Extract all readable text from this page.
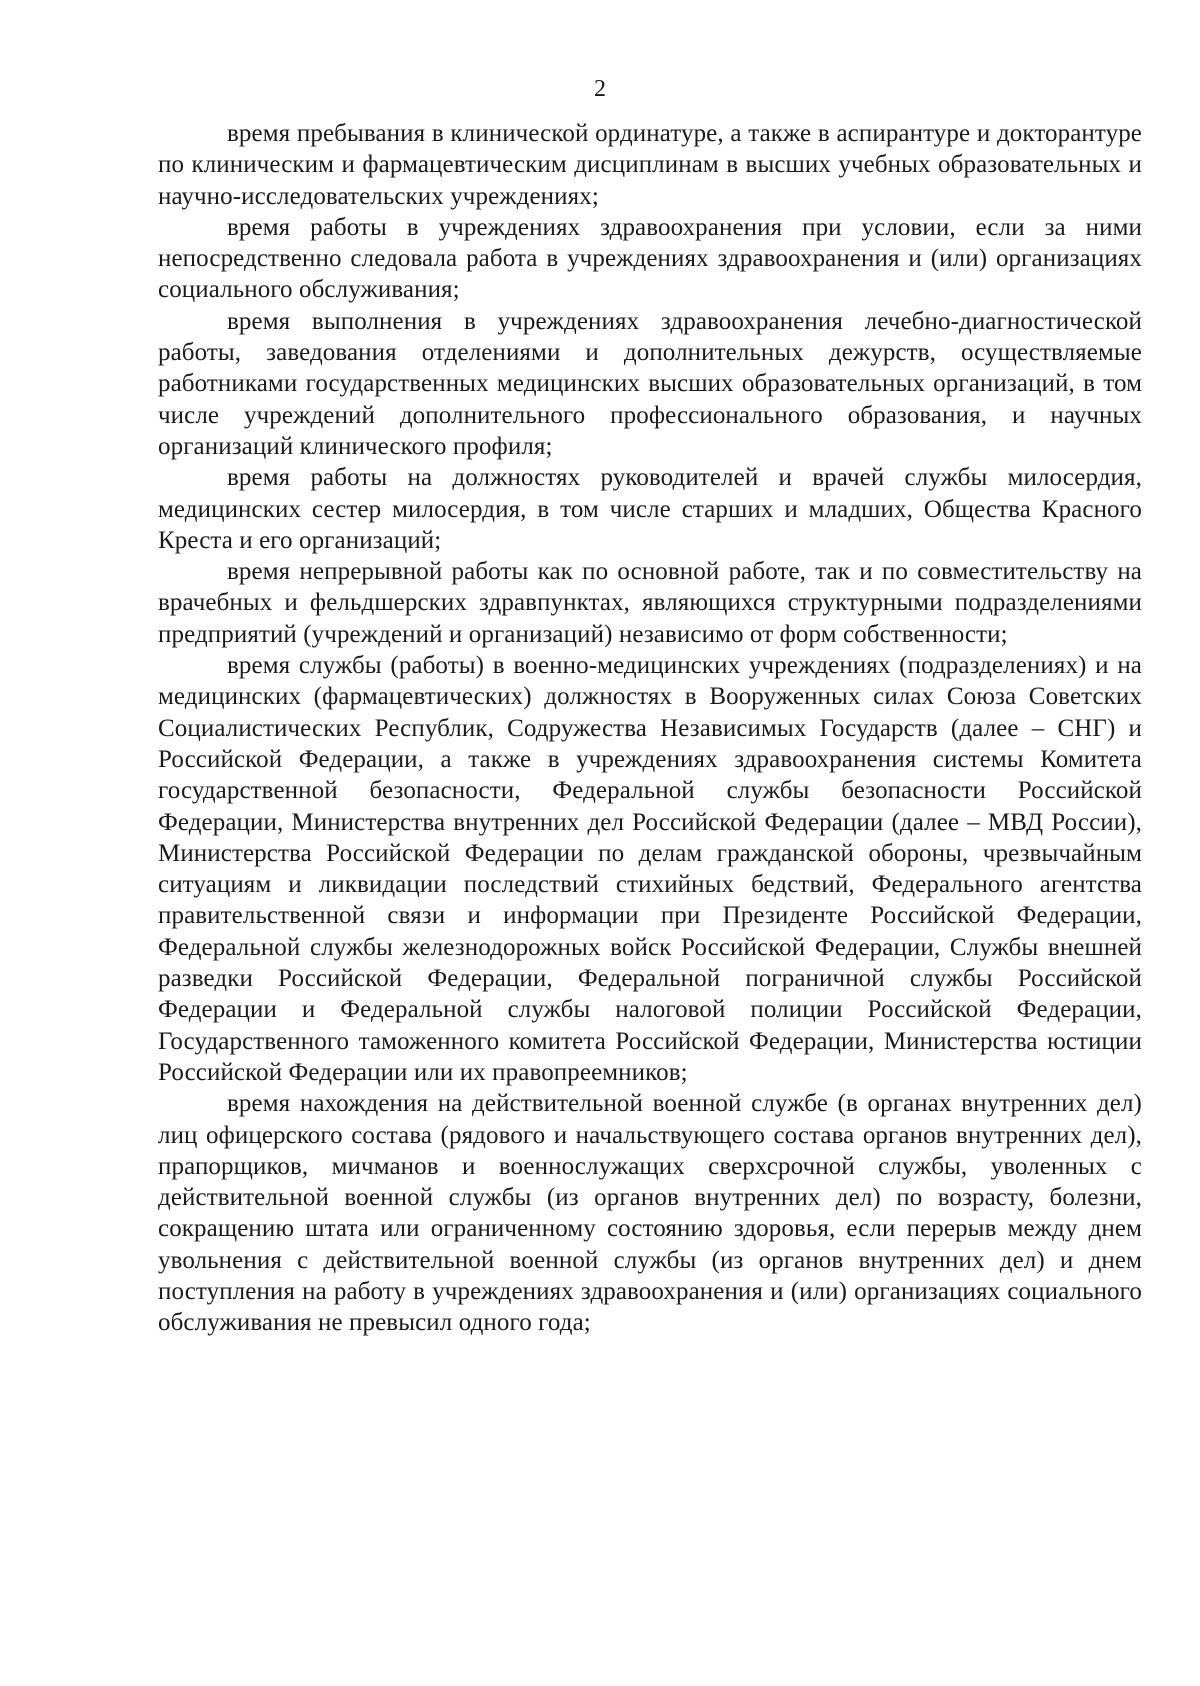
2

время пребывания в клинической ординатуре, а также в аспирантуре и докторантуре по клиническим и фармацевтическим дисциплинам в высших учебных образовательных и научно-исследовательских учреждениях;

время работы в учреждениях здравоохранения при условии, если за ними непосредственно следовала работа в учреждениях здравоохранения и (или) организациях социального обслуживания;

время выполнения в учреждениях здравоохранения лечебно-диагностической работы, заведования отделениями и дополнительных дежурств, осуществляемые работниками государственных медицинских высших образовательных организаций, в том числе учреждений дополнительного профессионального образования, и научных организаций клинического профиля;

время работы на должностях руководителей и врачей службы милосердия, медицинских сестер милосердия, в том числе старших и младших, Общества Красного Креста и его организаций;

время непрерывной работы как по основной работе, так и по совместительству на врачебных и фельдшерских здравпунктах, являющихся структурными подразделениями предприятий (учреждений и организаций) независимо от форм собственности;

время службы (работы) в военно-медицинских учреждениях (подразделениях) и на медицинских (фармацевтических) должностях в Вооруженных силах Союза Советских Социалистических Республик, Содружества Независимых Государств (далее – СНГ) и Российской Федерации, а также в учреждениях здравоохранения системы Комитета государственной безопасности, Федеральной службы безопасности Российской Федерации, Министерства внутренних дел Российской Федерации (далее – МВД России), Министерства Российской Федерации по делам гражданской обороны, чрезвычайным ситуациям и ликвидации последствий стихийных бедствий, Федерального агентства правительственной связи и информации при Президенте Российской Федерации, Федеральной службы железнодорожных войск Российской Федерации, Службы внешней разведки Российской Федерации, Федеральной пограничной службы Российской Федерации и Федеральной службы налоговой полиции Российской Федерации, Государственного таможенного комитета Российской Федерации, Министерства юстиции Российской Федерации или их правопреемников;

время нахождения на действительной военной службе (в органах внутренних дел) лиц офицерского состава (рядового и начальствующего состава органов внутренних дел), прапорщиков, мичманов и военнослужащих сверхсрочной службы, уволенных с действительной военной службы (из органов внутренних дел) по возрасту, болезни, сокращению штата или ограниченному состоянию здоровья, если перерыв между днем увольнения с действительной военной службы (из органов внутренних дел) и днем поступления на работу в учреждениях здравоохранения и (или) организациях социального обслуживания не превысил одного года;
